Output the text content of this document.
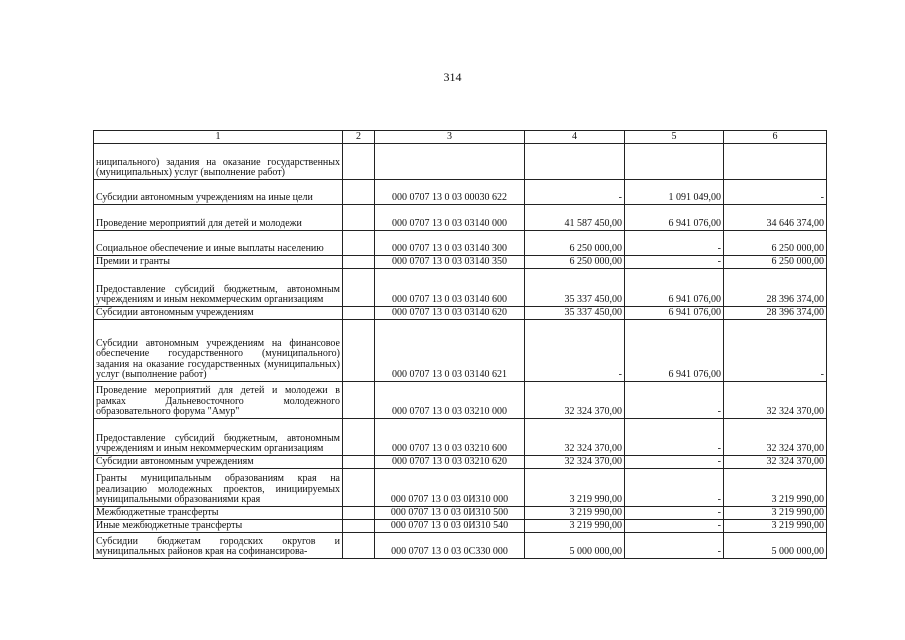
314
1	2	3	4	5	6
ниципального) задания на оказание государственных (муниципальных) услуг (выполнение работ)					
Субсидии автономным учреждениям на иные цели		000 0707 13 0 03 00030 622	-	1 091 049,00	-
Проведение мероприятий для детей и молодежи		000 0707 13 0 03 03140 000	41 587 450,00	6 941 076,00	34 646 374,00
Социальное обеспечение и иные выплаты населению		000 0707 13 0 03 03140 300	6 250 000,00	-	6 250 000,00
Премии и гранты		000 0707 13 0 03 03140 350	6 250 000,00	-	6 250 000,00
Предоставление субсидий бюджетным, автономным учреждениям и иным некоммерческим организациям		000 0707 13 0 03 03140 600	35 337 450,00	6 941 076,00	28 396 374,00
Субсидии автономным учреждениям		000 0707 13 0 03 03140 620	35 337 450,00	6 941 076,00	28 396 374,00
Субсидии автономным учреждениям на финансовое обеспечение государственного (муниципального) задания на оказание государственных (муниципальных) услуг (выполнение работ)		000 0707 13 0 03 03140 621	-	6 941 076,00	-
Проведение мероприятий для детей и молодежи в рамках Дальневосточного молодежного образовательного форума "Амур"		000 0707 13 0 03 03210 000	32 324 370,00	-	32 324 370,00
Предоставление субсидий бюджетным, автономным учреждениям и иным некоммерческим организациям		000 0707 13 0 03 03210 600	32 324 370,00	-	32 324 370,00
Субсидии автономным учреждениям		000 0707 13 0 03 03210 620	32 324 370,00	-	32 324 370,00
Гранты муниципальным образованиям края на реализацию молодежных проектов, инициируемых муниципальными образованиями края		000 0707 13 0 03 0И310 000	3 219 990,00	-	3 219 990,00
Межбюджетные трансферты		000 0707 13 0 03 0И310 500	3 219 990,00	-	3 219 990,00
Иные межбюджетные трансферты		000 0707 13 0 03 0И310 540	3 219 990,00	-	3 219 990,00
Субсидии бюджетам городских округов и муниципальных районов края на софинансирова-		000 0707 13 0 03 0С330 000	5 000 000,00	-	5 000 000,00
